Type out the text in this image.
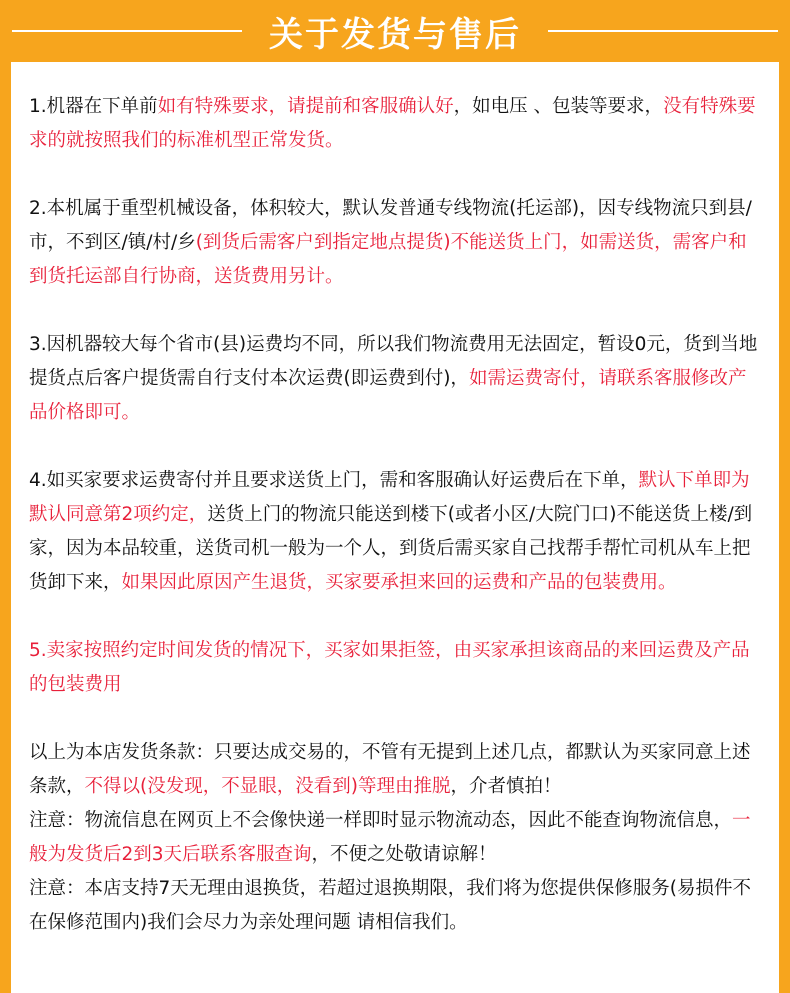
关于发货与售后

1.机器在下单前如有特殊要求，请提前和客服确认好，如电压 、包装等要求，没有特殊要求的就按照我们的标准机型正常发货。

2.本机属于重型机械设备，体积较大，默认发普通专线物流(托运部)，因专线物流只到县/市，不到区/镇/村/乡(到货后需客户到指定地点提货)不能送货上门，如需送货，需客户和到货托运部自行协商，送货费用另计。

3.因机器较大每个省市(县)运费均不同，所以我们物流费用无法固定，暂设0元，货到当地提货点后客户提货需自行支付本次运费(即运费到付)，如需运费寄付，请联系客服修改产品价格即可。

4.如买家要求运费寄付并且要求送货上门，需和客服确认好运费后在下单，默认下单即为默认同意第2项约定，送货上门的物流只能送到楼下(或者小区/大院门口)不能送货上楼/到家，因为本品较重，送货司机一般为一个人，到货后需买家自己找帮手帮忙司机从车上把货卸下来，如果因此原因产生退货，买家要承担来回的运费和产品的包装费用。

5.卖家按照约定时间发货的情况下，买家如果拒签，由买家承担该商品的来回运费及产品的包装费用

以上为本店发货条款：只要达成交易的，不管有无提到上述几点，都默认为买家同意上述条款，不得以(没发现，不显眼，没看到)等理由推脱，介者慎拍！

注意：物流信息在网页上不会像快递一样即时显示物流动态，因此不能查询物流信息，一般为发货后2到3天后联系客服查询，不便之处敬请谅解！

注意：本店支持7天无理由退换货，若超过退换期限，我们将为您提供保修服务(易损件不在保修范围内)我们会尽力为亲处理问题 请相信我们。
